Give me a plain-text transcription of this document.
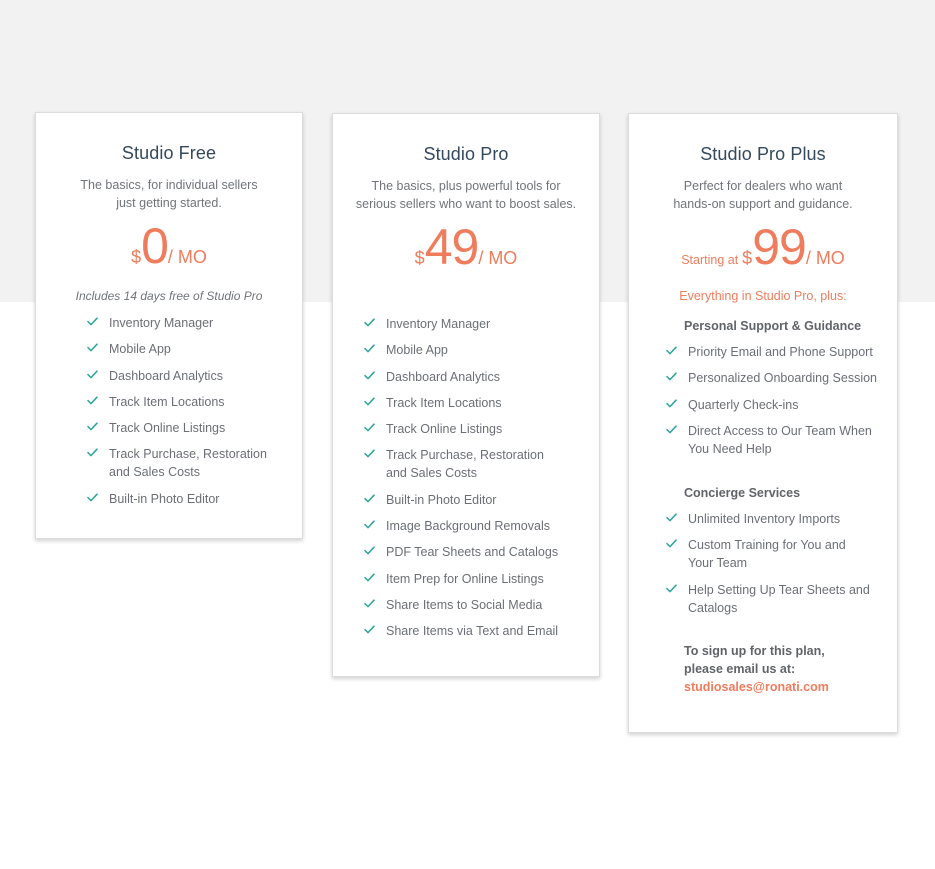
Studio Free
The basics, for individual sellers
just getting started.
$0/ MO
Includes 14 days free of Studio Pro
Inventory Manager
Mobile App
Dashboard Analytics
Track Item Locations
Track Online Listings
Track Purchase, Restoration
and Sales Costs
Built-in Photo Editor
Studio Pro
The basics, plus powerful tools for
serious sellers who want to boost sales.
$49/ MO
Inventory Manager
Mobile App
Dashboard Analytics
Track Item Locations
Track Online Listings
Track Purchase, Restoration
and Sales Costs
Built-in Photo Editor
Image Background Removals
PDF Tear Sheets and Catalogs
Item Prep for Online Listings
Share Items to Social Media
Share Items via Text and Email
Studio Pro Plus
Perfect for dealers who want
hands-on support and guidance.
Starting at $99/ MO
Everything in Studio Pro, plus:
Personal Support & Guidance
Priority Email and Phone Support
Personalized Onboarding Session
Quarterly Check-ins
Direct Access to Our Team When
You Need Help
Concierge Services
Unlimited Inventory Imports
Custom Training for You and
Your Team
Help Setting Up Tear Sheets and
Catalogs
To sign up for this plan,
please email us at:
studiosales@ronati.com
